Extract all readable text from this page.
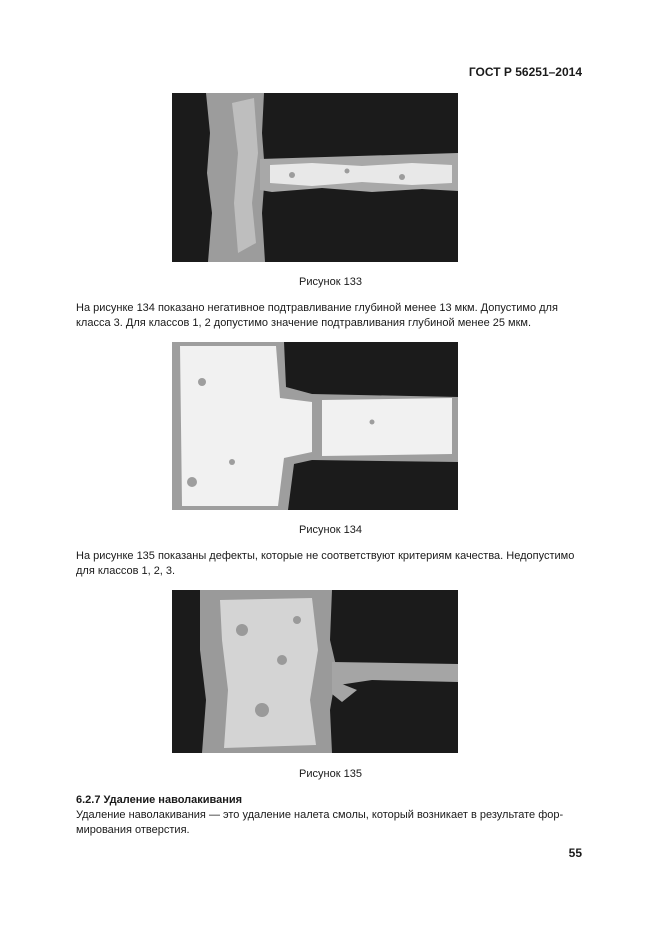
ГОСТ Р 56251–2014
Рисунок 133
На рисунке 134 показано негативное подтравливание глубиной менее 13 мкм. Допустимо для
класса 3. Для классов 1, 2 допустимо значение подтравливания глубиной менее 25 мкм.
Рисунок 134
На рисунке 135 показаны дефекты, которые не соответствуют критериям качества. Недопустимо
для классов 1, 2, 3.
Рисунок 135
6.2.7 Удаление наволакивания
Удаление наволакивания — это удаление налета смолы, который возникает в результате фор-
мирования отверстия.
55
